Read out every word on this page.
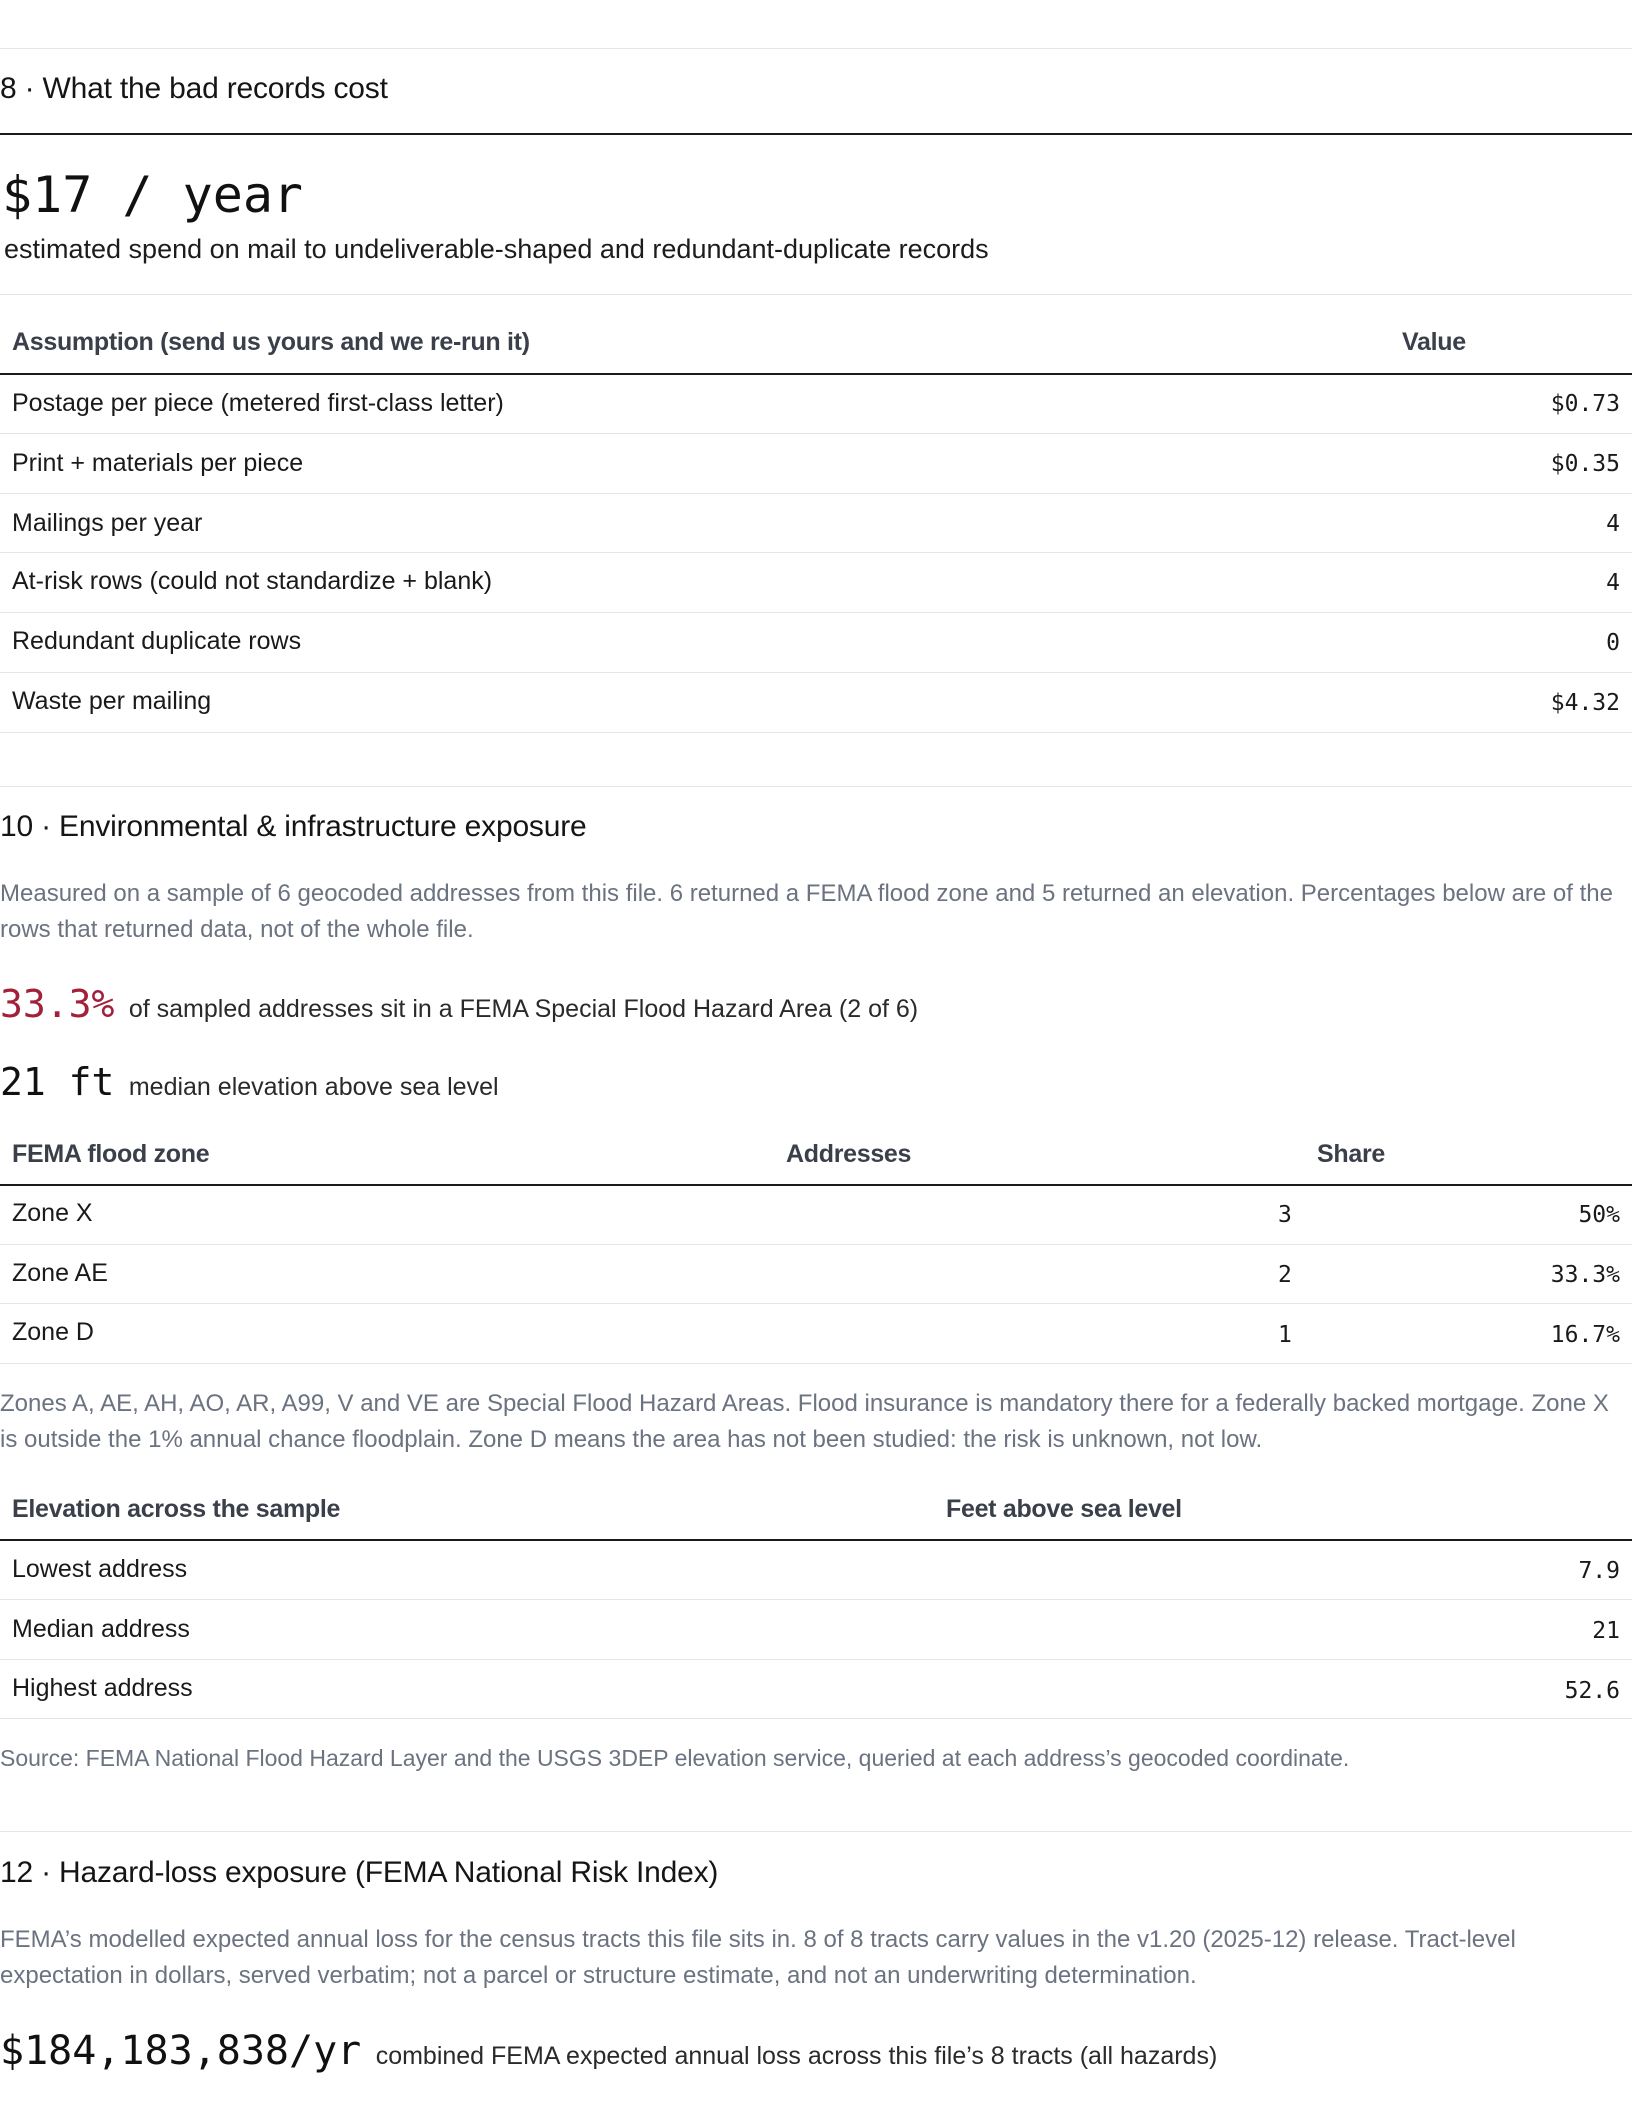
8 · What the bad records cost
$17 / year
estimated spend on mail to undeliverable-shaped and redundant-duplicate records
Assumption (send us yours and we re-run it)	Value
Postage per piece (metered first-class letter)	$0.73
Print + materials per piece	$0.35
Mailings per year	4
At-risk rows (could not standardize + blank)	4
Redundant duplicate rows	0
Waste per mailing	$4.32
10 · Environmental & infrastructure exposure
Measured on a sample of 6 geocoded addresses from this file. 6 returned a FEMA flood zone and 5 returned an elevation. Percentages below are of the rows that returned data, not of the whole file.
33.3% of sampled addresses sit in a FEMA Special Flood Hazard Area (2 of 6)
21 ft median elevation above sea level
FEMA flood zone	Addresses	Share
Zone X	3	50%
Zone AE	2	33.3%
Zone D	1	16.7%
Zones A, AE, AH, AO, AR, A99, V and VE are Special Flood Hazard Areas. Flood insurance is mandatory there for a federally backed mortgage. Zone X is outside the 1% annual chance floodplain. Zone D means the area has not been studied: the risk is unknown, not low.
Elevation across the sample	Feet above sea level
Lowest address	7.9
Median address	21
Highest address	52.6
Source: FEMA National Flood Hazard Layer and the USGS 3DEP elevation service, queried at each address’s geocoded coordinate.
12 · Hazard-loss exposure (FEMA National Risk Index)
FEMA’s modelled expected annual loss for the census tracts this file sits in. 8 of 8 tracts carry values in the v1.20 (2025-12) release. Tract-level expectation in dollars, served verbatim; not a parcel or structure estimate, and not an underwriting determination.
$184,183,838/yr combined FEMA expected annual loss across this file’s 8 tracts (all hazards)
